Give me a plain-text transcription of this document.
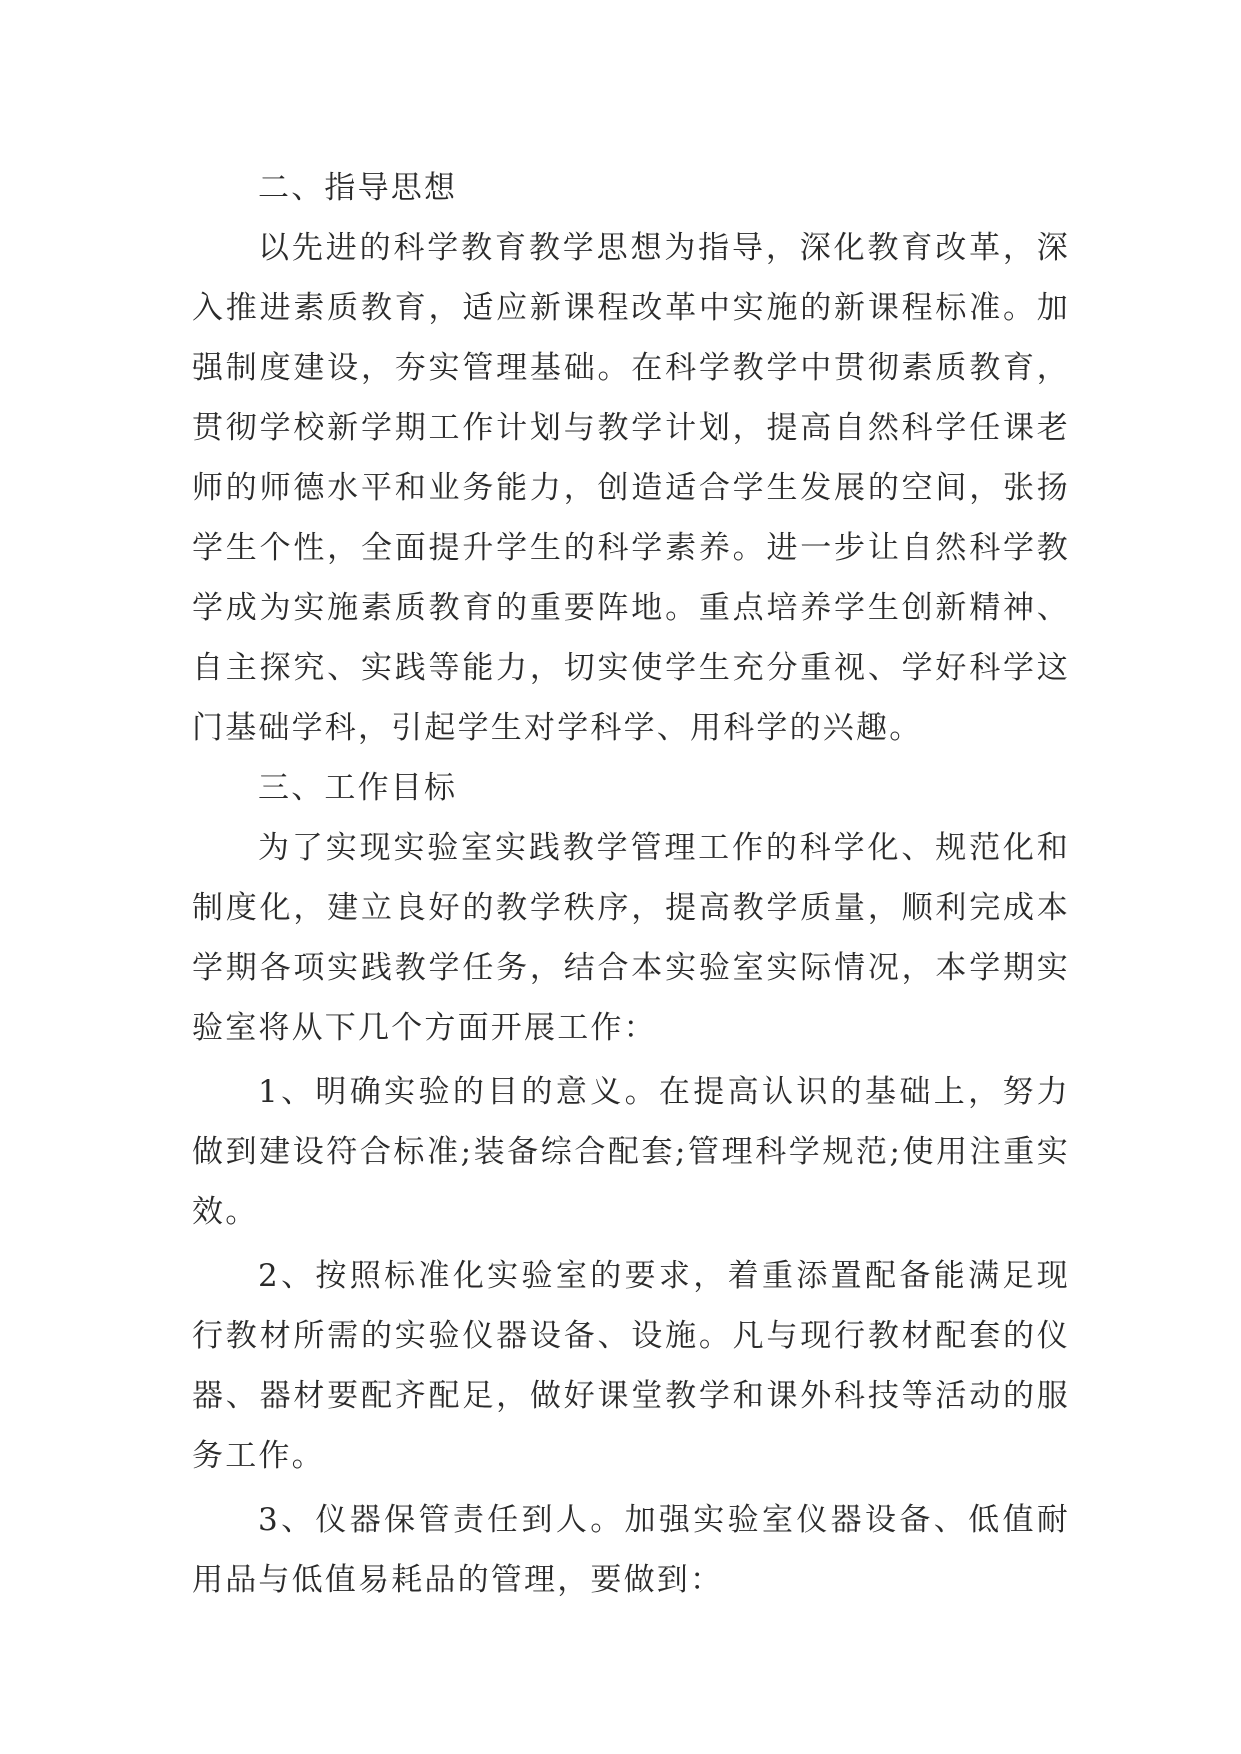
二、指导思想

以先进的科学教育教学思想为指导，深化教育改革，深入推进素质教育，适应新课程改革中实施的新课程标准。加强制度建设，夯实管理基础。在科学教学中贯彻素质教育，贯彻学校新学期工作计划与教学计划，提高自然科学任课老师的师德水平和业务能力，创造适合学生发展的空间，张扬学生个性，全面提升学生的科学素养。进一步让自然科学教学成为实施素质教育的重要阵地。重点培养学生创新精神、自主探究、实践等能力，切实使学生充分重视、学好科学这门基础学科，引起学生对学科学、用科学的兴趣。

三、工作目标

为了实现实验室实践教学管理工作的科学化、规范化和制度化，建立良好的教学秩序，提高教学质量，顺利完成本学期各项实践教学任务，结合本实验室实际情况，本学期实验室将从下几个方面开展工作：

1、明确实验的目的意义。在提高认识的基础上，努力做到建设符合标准;装备综合配套;管理科学规范;使用注重实效。

2、按照标准化实验室的要求，着重添置配备能满足现行教材所需的实验仪器设备、设施。凡与现行教材配套的仪器、器材要配齐配足，做好课堂教学和课外科技等活动的服务工作。

3、仪器保管责任到人。加强实验室仪器设备、低值耐用品与低值易耗品的管理，要做到：
